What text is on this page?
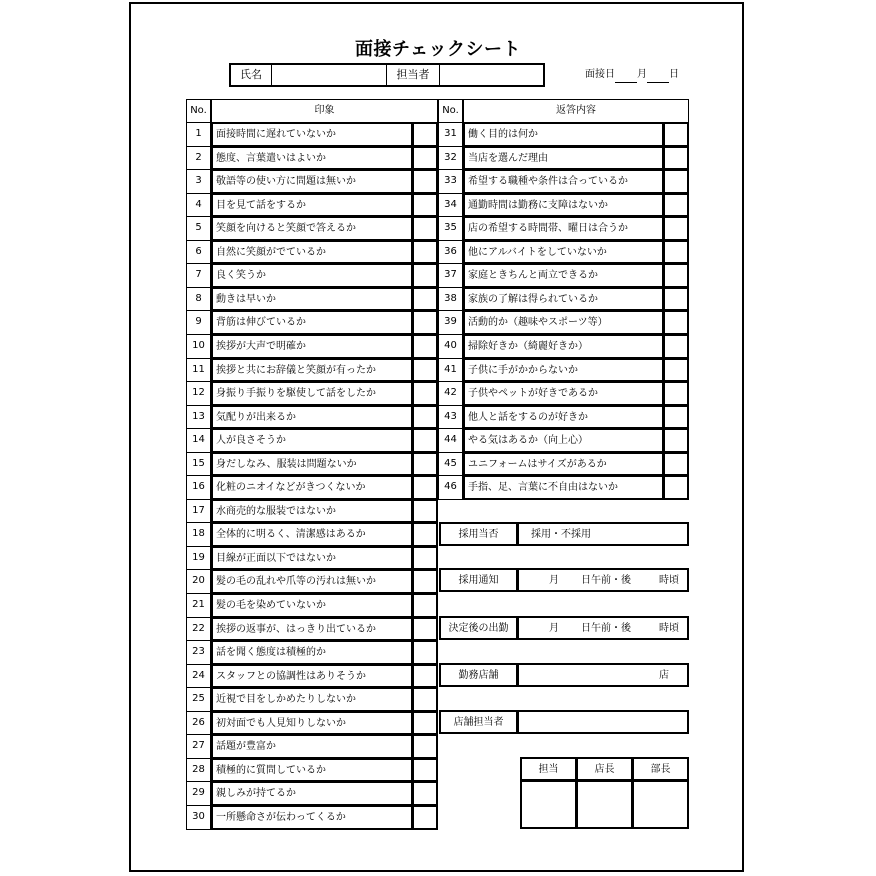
面接チェックシート
氏名	担当者	面接日 月 日
No.	印象	No.	返答内容
1	面接時間に遅れていないか
2	態度、言葉遣いはよいか
3	敬語等の使い方に問題は無いか
4	目を見て話をするか
5	笑顔を向けると笑顔で答えるか
6	自然に笑顔がでているか
7	良く笑うか
8	動きは早いか
9	背筋は伸びているか
10	挨拶が大声で明確か
11	挨拶と共にお辞儀と笑顔が有ったか
12	身振り手振りを駆使して話をしたか
13	気配りが出来るか
14	人が良さそうか
15	身だしなみ、服装は問題ないか
16	化粧のニオイなどがきつくないか
17	水商売的な服装ではないか
18	全体的に明るく、清潔感はあるか
19	目線が正面以下ではないか
20	髪の毛の乱れや爪等の汚れは無いか
21	髪の毛を染めていないか
22	挨拶の返事が、はっきり出ているか
23	話を聞く態度は積極的か
24	スタッフとの協調性はありそうか
25	近視で目をしかめたりしないか
26	初対面でも人見知りしないか
27	話題が豊富か
28	積極的に質問しているか
29	親しみが持てるか
30	一所懸命さが伝わってくるか
31	働く目的は何か
32	当店を選んだ理由
33	希望する職種や条件は合っているか
34	通勤時間は勤務に支障はないか
35	店の希望する時間帯、曜日は合うか
36	他にアルバイトをしていないか
37	家庭ときちんと両立できるか
38	家族の了解は得られているか
39	活動的か（趣味やスポーツ等）
40	掃除好きか（綺麗好きか）
41	子供に手がかからないか
42	子供やペットが好きであるか
43	他人と話をするのが好きか
44	やる気はあるか（向上心）
45	ユニフォームはサイズがあるか
46	手指、足、言葉に不自由はないか
採用当否	採用・不採用
採用通知	月 日午前・後	時頃
決定後の出勤	月 日午前・後	時頃
勤務店舗	店
店舗担当者
担当	店長	部長
